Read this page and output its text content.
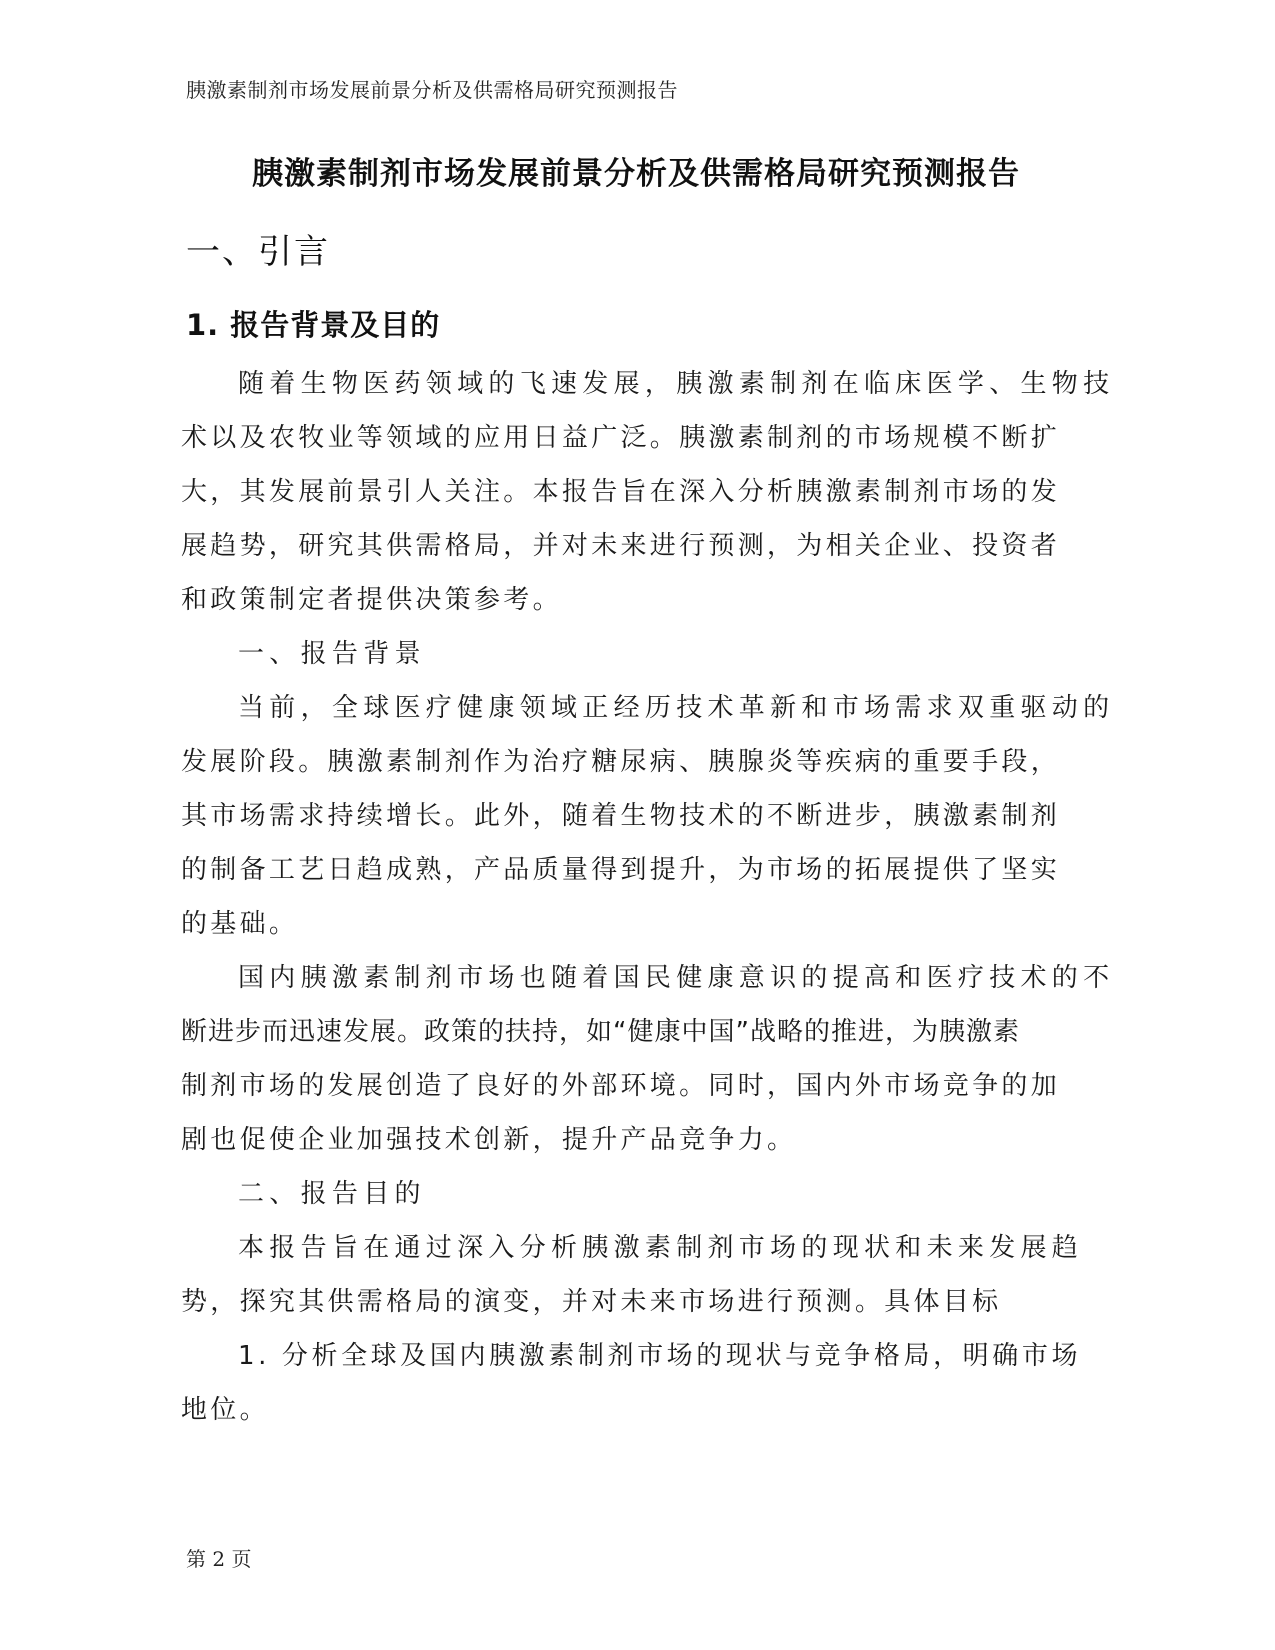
胰激素制剂市场发展前景分析及供需格局研究预测报告
胰激素制剂市场发展前景分析及供需格局研究预测报告
一、引言
1. 报告背景及目的
随着生物医药领域的飞速发展，胰激素制剂在临床医学、生物技
术以及农牧业等领域的应用日益广泛。胰激素制剂的市场规模不断扩
大，其发展前景引人关注。本报告旨在深入分析胰激素制剂市场的发
展趋势，研究其供需格局，并对未来进行预测，为相关企业、投资者
和政策制定者提供决策参考。
一、报告背景
当前，全球医疗健康领域正经历技术革新和市场需求双重驱动的
发展阶段。胰激素制剂作为治疗糖尿病、胰腺炎等疾病的重要手段，
其市场需求持续增长。此外，随着生物技术的不断进步，胰激素制剂
的制备工艺日趋成熟，产品质量得到提升，为市场的拓展提供了坚实
的基础。
国内胰激素制剂市场也随着国民健康意识的提高和医疗技术的不
断进步而迅速发展。政策的扶持，如“健康中国”战略的推进，为胰激素
制剂市场的发展创造了良好的外部环境。同时，国内外市场竞争的加
剧也促使企业加强技术创新，提升产品竞争力。
二、报告目的
本报告旨在通过深入分析胰激素制剂市场的现状和未来发展趋
势，探究其供需格局的演变，并对未来市场进行预测。具体目标
1. 分析全球及国内胰激素制剂市场的现状与竞争格局，明确市场
地位。
第 2 页
